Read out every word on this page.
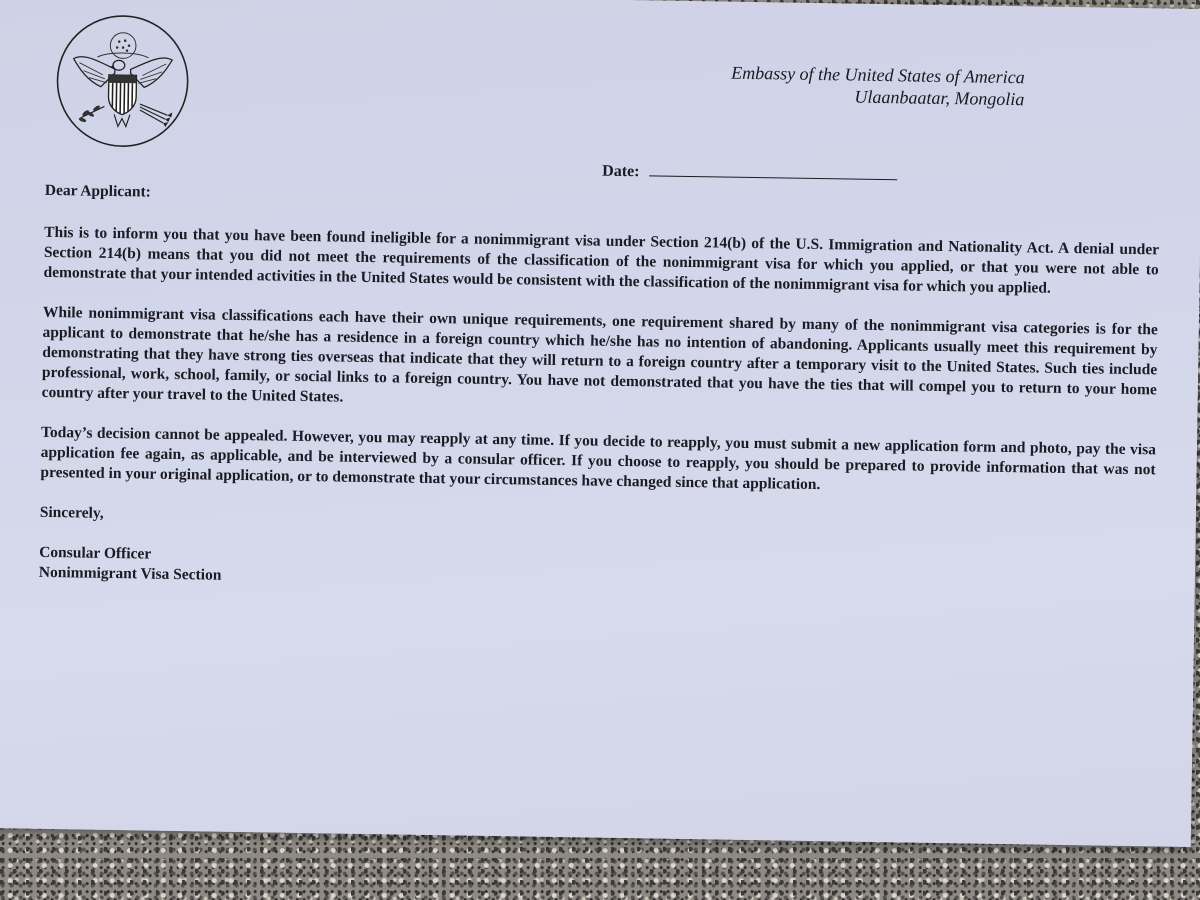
Embassy of the United States of America
Ulaanbaatar, Mongolia
Date:

Dear Applicant:

This is to inform you that you have been found ineligible for a nonimmigrant visa under Section 214(b) of the U.S. Immigration and Nationality Act. A denial under Section 214(b) means that you did not meet the requirements of the classification of the nonimmigrant visa for which you applied, or that you were not able to demonstrate that your intended activities in the United States would be consistent with the classification of the nonimmigrant visa for which you applied.

While nonimmigrant visa classifications each have their own unique requirements, one requirement shared by many of the nonimmigrant visa categories is for the applicant to demonstrate that he/she has a residence in a foreign country which he/she has no intention of abandoning. Applicants usually meet this requirement by demonstrating that they have strong ties overseas that indicate that they will return to a foreign country after a temporary visit to the United States. Such ties include professional, work, school, family, or social links to a foreign country. You have not demonstrated that you have the ties that will compel you to return to your home country after your travel to the United States.

Today’s decision cannot be appealed. However, you may reapply at any time. If you decide to reapply, you must submit a new application form and photo, pay the visa application fee again, as applicable, and be interviewed by a consular officer. If you choose to reapply, you should be prepared to provide information that was not presented in your original application, or to demonstrate that your circumstances have changed since that application.

Sincerely,

Consular Officer

Nonimmigrant Visa Section
